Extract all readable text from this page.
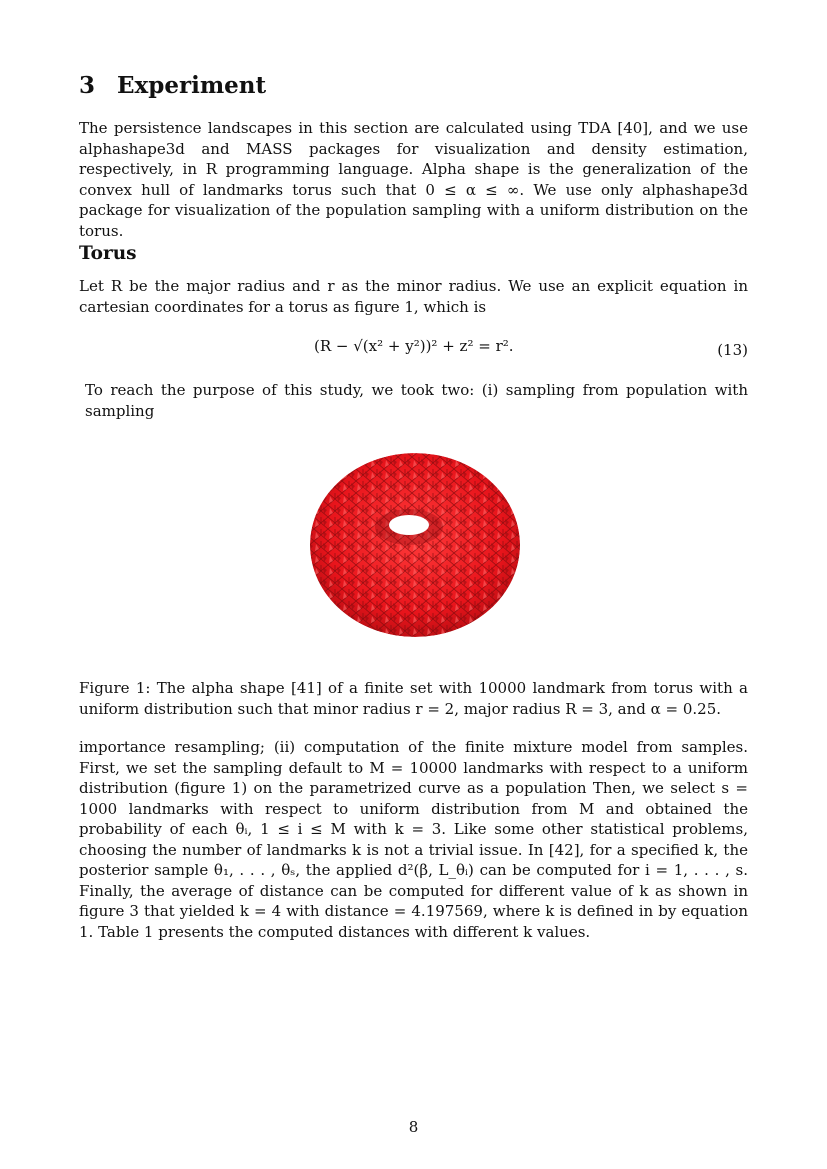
3 Experiment

The persistence landscapes in this section are calculated using TDA [40], and we use alphashape3d and MASS packages for visualization and density estimation, respectively, in R programming language. Alpha shape is the generalization of the convex hull of landmarks torus such that 0 ≤ α ≤ ∞. We use only alphashape3d package for visualization of the population sampling with a uniform distribution on the torus.

Torus

Let R be the major radius and r as the minor radius. We use an explicit equation in cartesian coordinates for a torus as figure 1, which is

(R − √(x² + y²))² + z² = r².	(13)

To reach the purpose of this study, we took two: (i) sampling from population with sampling

Figure 1: The alpha shape [41] of a finite set with 10000 landmark from torus with a uniform distribution such that minor radius r = 2, major radius R = 3, and α = 0.25.

importance resampling; (ii) computation of the finite mixture model from samples. First, we set the sampling default to M = 10000 landmarks with respect to a uniform distribution (figure 1) on the parametrized curve as a population Then, we select s = 1000 landmarks with respect to uniform distribution from M and obtained the probability of each θᵢ, 1 ≤ i ≤ M with k = 3. Like some other statistical problems, choosing the number of landmarks k is not a trivial issue. In [42], for a specified k, the posterior sample θ₁, . . . , θₛ, the applied d²(β, L_θᵢ) can be computed for i = 1, . . . , s. Finally, the average of distance can be computed for different value of k as shown in figure 3 that yielded k = 4 with distance = 4.197569, where k is defined in by equation 1. Table 1 presents the computed distances with different k values.

8
